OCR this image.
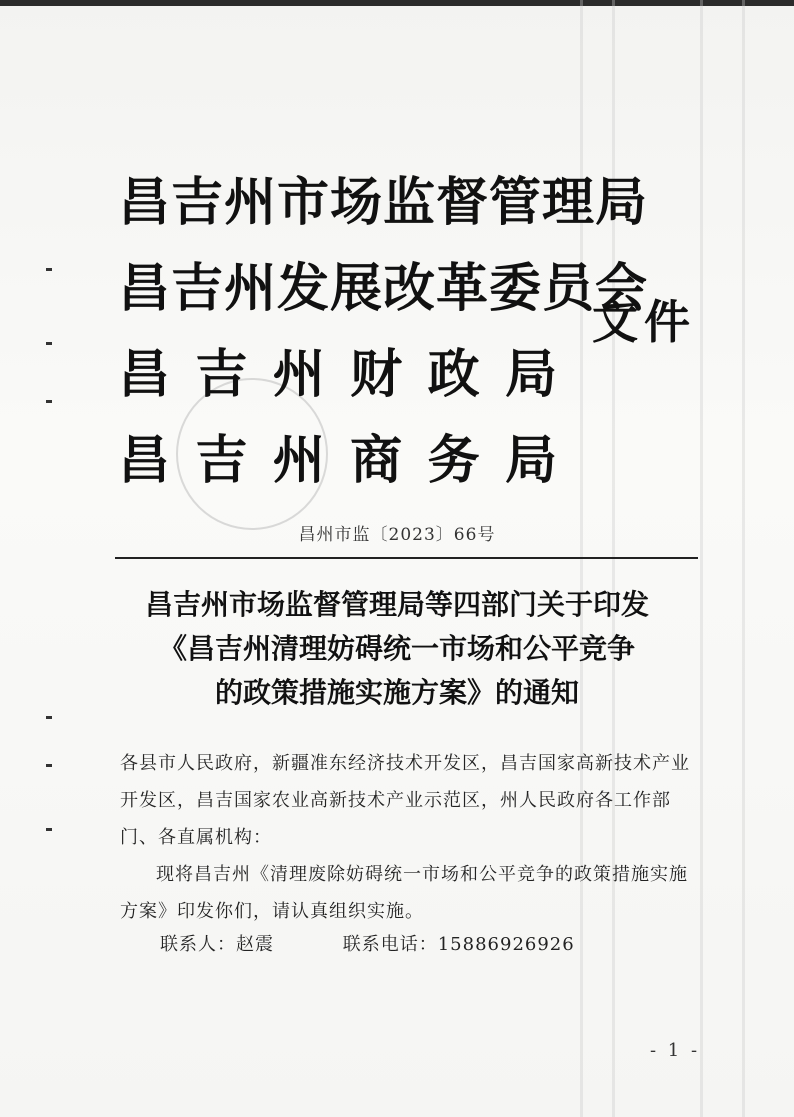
昌吉州市场监督管理局
昌吉州发展改革委员会
昌 吉 州 财 政 局
昌 吉 州 商 务 局
文件
昌州市监〔2023〕66号
昌吉州市场监督管理局等四部门关于印发
《昌吉州清理妨碍统一市场和公平竞争
的政策措施实施方案》的通知

各县市人民政府，新疆准东经济技术开发区，昌吉国家高新技术产业开发区，昌吉国家农业高新技术产业示范区，州人民政府各工作部门、各直属机构：

现将昌吉州《清理废除妨碍统一市场和公平竞争的政策措施实施方案》印发你们，请认真组织实施。

联系人：赵震	联系电话：15886926926
- 1 -
